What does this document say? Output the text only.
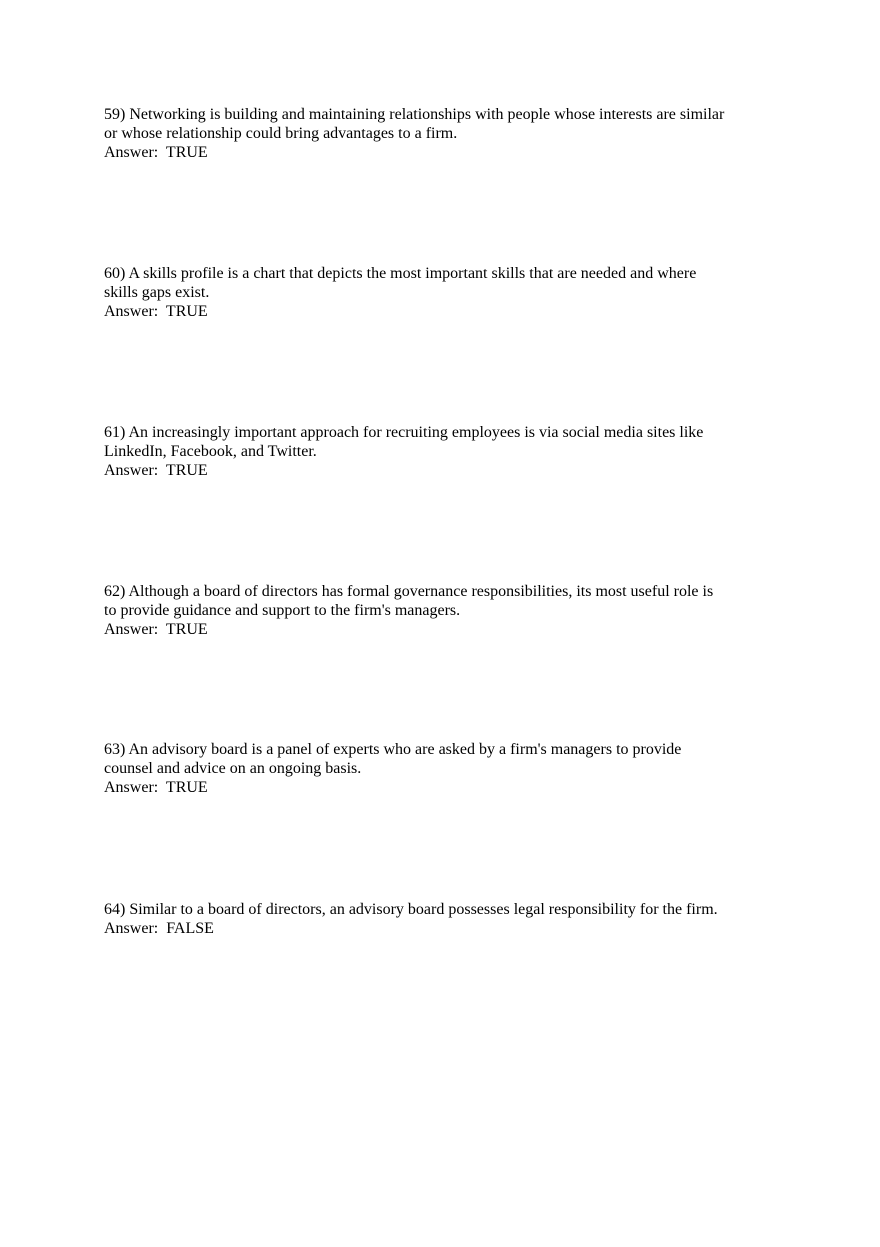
59) Networking is building and maintaining relationships with people whose interests are similar
or whose relationship could bring advantages to a firm.
Answer:  TRUE
60) A skills profile is a chart that depicts the most important skills that are needed and where
skills gaps exist.
Answer:  TRUE
61) An increasingly important approach for recruiting employees is via social media sites like
LinkedIn, Facebook, and Twitter.
Answer:  TRUE
62) Although a board of directors has formal governance responsibilities, its most useful role is
to provide guidance and support to the firm's managers.
Answer:  TRUE
63) An advisory board is a panel of experts who are asked by a firm's managers to provide
counsel and advice on an ongoing basis.
Answer:  TRUE
64) Similar to a board of directors, an advisory board possesses legal responsibility for the firm.
Answer:  FALSE
